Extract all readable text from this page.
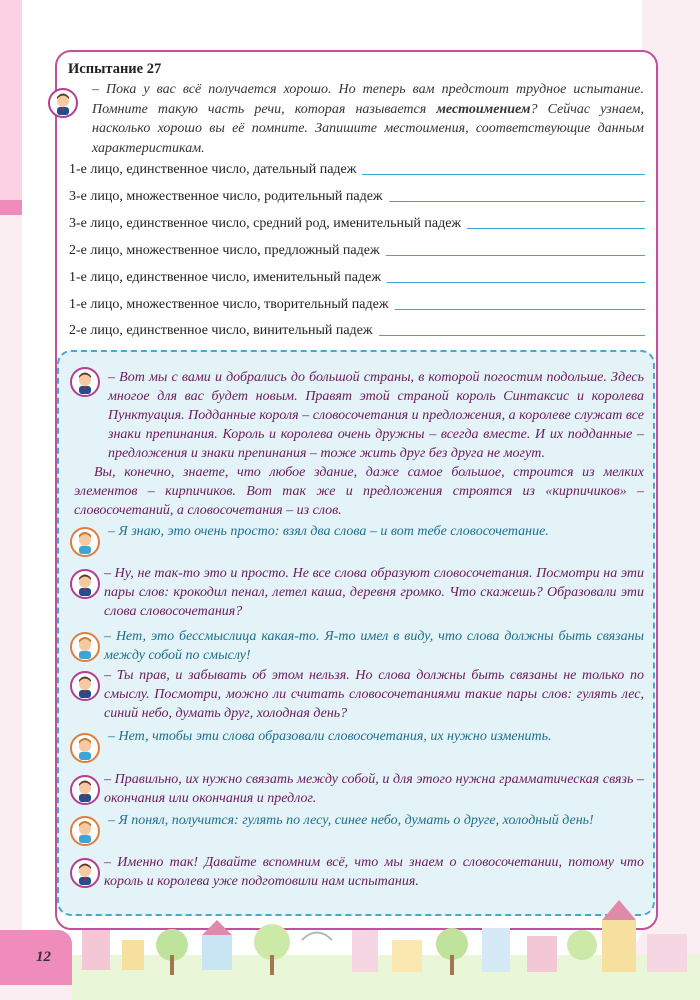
Испытание 27
– Пока у вас всё получается хорошо. Но теперь вам предстоит трудное испытание. Помните такую часть речи, которая называется местоимением? Сейчас узнаем, насколько хорошо вы её помните. Запишите местоимения, соответствующие данным характеристикам.
1-е лицо, единственное число, дательный падеж
3-е лицо, множественное число, родительный падеж
3-е лицо, единственное число, средний род, именительный падеж
2-е лицо, множественное число, предложный падеж
1-е лицо, единственное число, именительный падеж
1-е лицо, множественное число, творительный падеж
2-е лицо, единственное число, винительный падеж
– Вот мы с вами и добрались до большой страны, в которой погостим подольше. Здесь многое для вас будет новым. Правят этой страной король Синтаксис и королева Пунктуация. Подданные короля – словосочетания и предложения, а королеве служат все знаки препинания. Король и королева очень дружны – всегда вместе. И их подданные – предложения и знаки препинания – тоже жить друг без друга не могут.
Вы, конечно, знаете, что любое здание, даже самое большое, строится из мелких элементов – кирпичиков. Вот так же и предложения строятся из «кирпичиков» – словосочетаний, а словосочетания – из слов.
– Я знаю, это очень просто: взял два слова – и вот тебе словосочетание.
– Ну, не так-то это и просто. Не все слова образуют словосочетания. Посмотри на эти пары слов: крокодил пенал, летел каша, деревня громко. Что скажешь? Образовали эти слова словосочетания?
– Нет, это бессмыслица какая-то. Я-то имел в виду, что слова должны быть связаны между собой по смыслу!
– Ты прав, и забывать об этом нельзя. Но слова должны быть связаны не только по смыслу. Посмотри, можно ли считать словосочетаниями такие пары слов: гулять лес, синий небо, думать друг, холодная день?
– Нет, чтобы эти слова образовали словосочетания, их нужно изменить.
– Правильно, их нужно связать между собой, и для этого нужна грамматическая связь – окончания или окончания и предлог.
– Я понял, получится: гулять по лесу, синее небо, думать о друге, холодный день!
– Именно так! Давайте вспомним всё, что мы знаем о словосочетании, потому что король и королева уже подготовили нам испытания.
12
